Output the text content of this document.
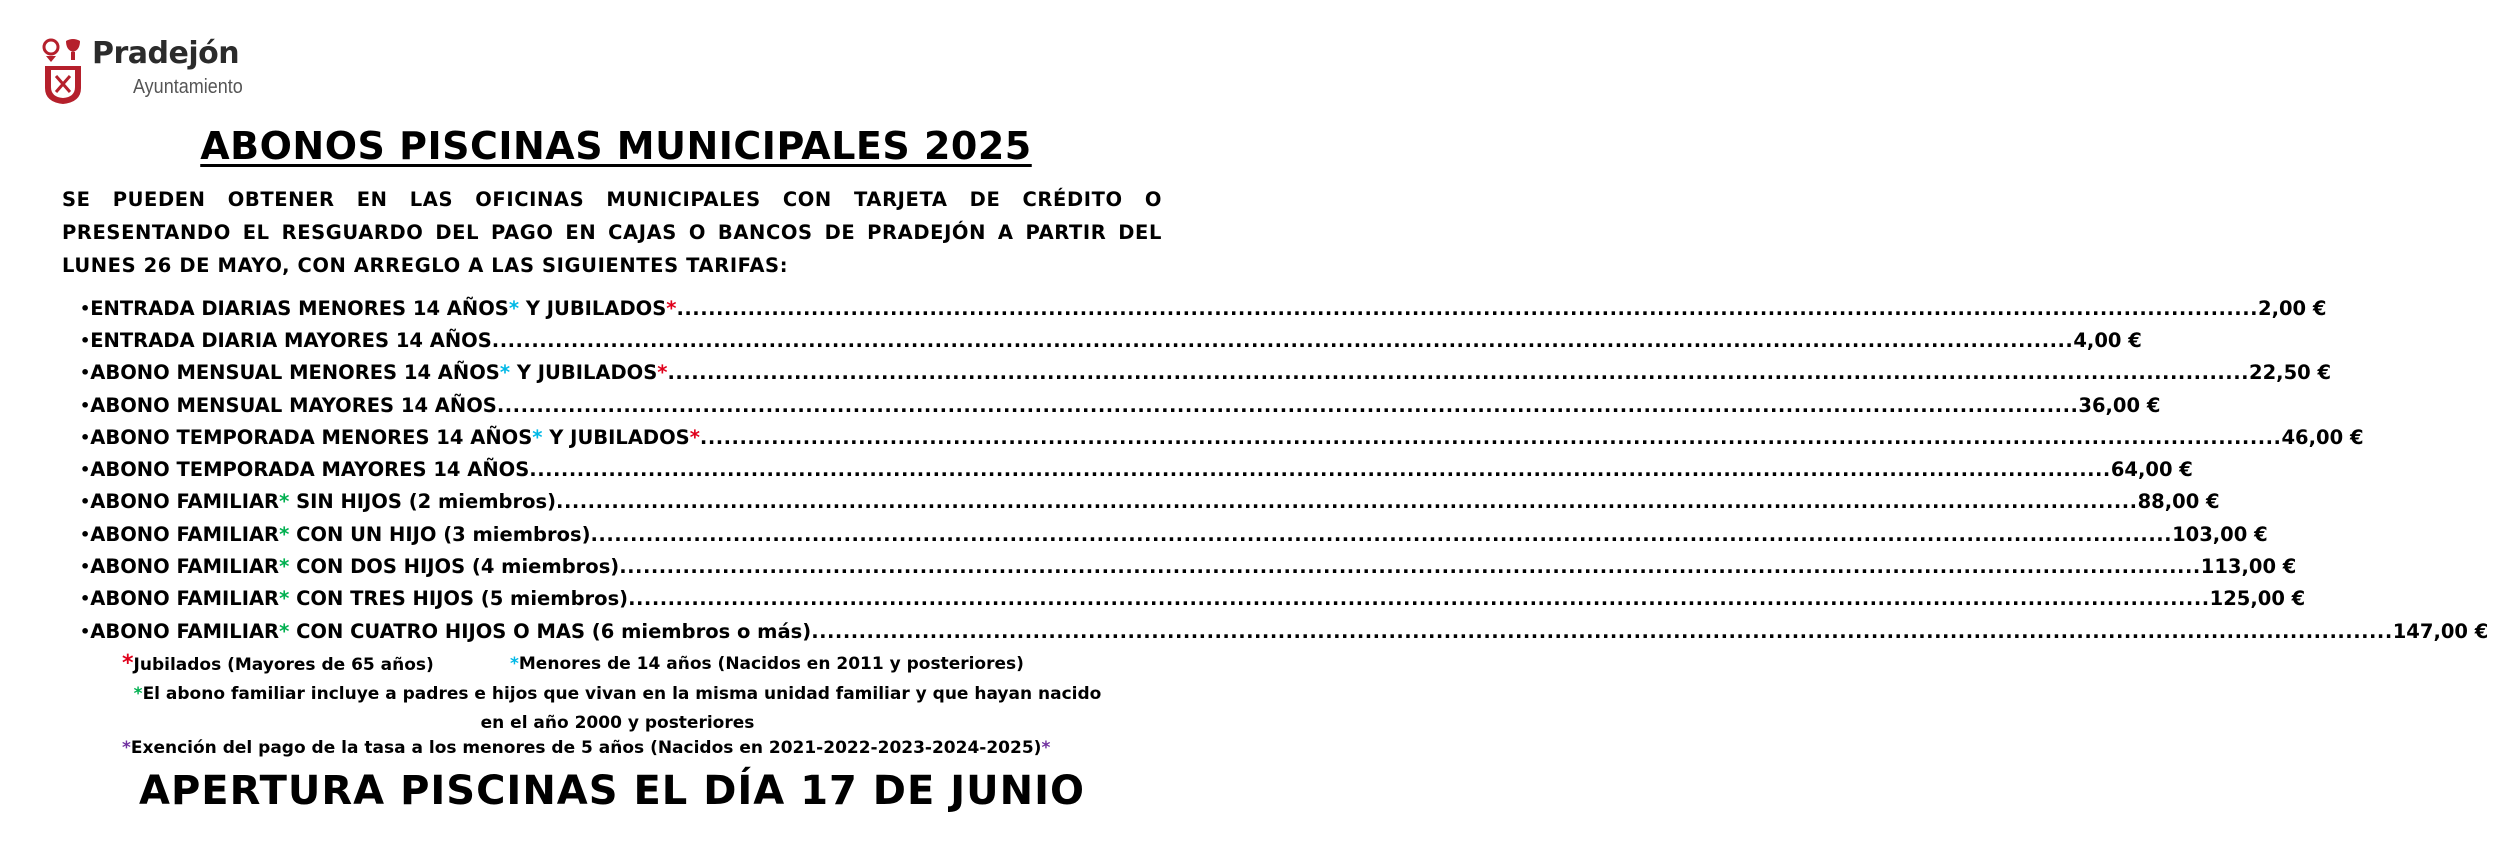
Pradejón
Ayuntamiento
ABONOS PISCINAS MUNICIPALES 2025
SE PUEDEN OBTENER EN LAS OFICINAS MUNICIPALES CON TARJETA DE CRÉDITO O PRESENTANDO EL RESGUARDO DEL PAGO EN CAJAS O BANCOS DE PRADEJÓN A PARTIR DEL LUNES 26 DE MAYO, CON ARREGLO A LAS SIGUIENTES TARIFAS:
• ENTRADA DIARIAS MENORES 14 AÑOS* Y JUBILADOS* ........................................................................................................................................................................................................ 2,00 €
• ENTRADA DIARIA MAYORES 14 AÑOS ........................................................................................................................................................................................................ 4,00 €
• ABONO MENSUAL MENORES 14 AÑOS* Y JUBILADOS* ........................................................................................................................................................................................................ 22,50 €
• ABONO MENSUAL MAYORES 14 AÑOS ........................................................................................................................................................................................................ 36,00 €
• ABONO TEMPORADA MENORES 14 AÑOS* Y JUBILADOS* ........................................................................................................................................................................................................ 46,00 €
• ABONO TEMPORADA MAYORES 14 AÑOS ........................................................................................................................................................................................................ 64,00 €
• ABONO FAMILIAR* SIN HIJOS (2 miembros) ........................................................................................................................................................................................................ 88,00 €
• ABONO FAMILIAR* CON UN HIJO (3 miembros) ........................................................................................................................................................................................................ 103,00 €
• ABONO FAMILIAR* CON DOS HIJOS (4 miembros) ........................................................................................................................................................................................................ 113,00 €
• ABONO FAMILIAR* CON TRES HIJOS (5 miembros) ........................................................................................................................................................................................................ 125,00 €
• ABONO FAMILIAR* CON CUATRO HIJOS O MAS (6 miembros o más) ........................................................................................................................................................................................................ 147,00 €
*Jubilados (Mayores de 65 años)	*Menores de 14 años (Nacidos en 2011 y posteriores)
*El abono familiar incluye a padres e hijos que vivan en la misma unidad familiar y que hayan nacido
en el año 2000 y posteriores
*Exención del pago de la tasa a los menores de 5 años (Nacidos en 2021-2022-2023-2024-2025)*
APERTURA PISCINAS EL DÍA 17 DE JUNIO
